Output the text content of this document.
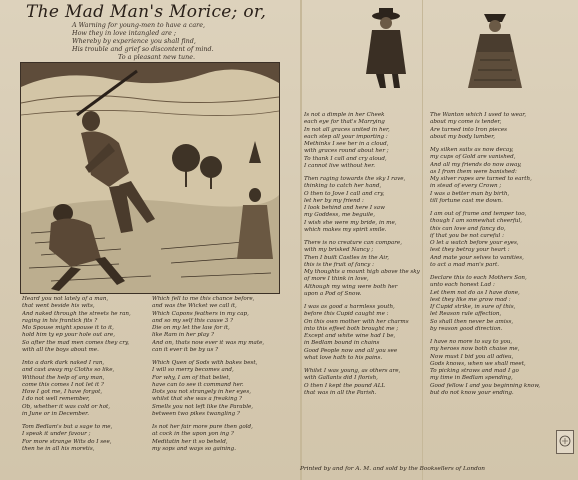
The Mad Man's Morice; or,
A Warning for young-men to have a care,
How they in love intangled are ;
Whereby by experience you shall find,
His trouble and grief so discontent of mind.
To a pleasant new tune.
Heard you not lately of a man,
that went beside his wits,
And naked through the streets he ran,
raging in his frantick fits ?
Mo Spouse might spouse it to it,
hold him ty ep your hole out are,
So after the mad men comes they cry,
with all the boys about me.
Into a dark dark naked I ran,
and cast away my Cloths so like,
Without the help of any man,
come this comes I not let it ?
How I got me, I have forgot,
I do not well remember,
Ob, whether it was cold or hot,
in June or in December.
Tom Bedlam's but a sage to me,
I speak it under favour ;
For more strange Wits do I see,
then he in all his moretis,
Which fell to me this chance before,
and was the Wicket we call it,
Which Capons feathers in my cap,
and so my self this cause 3 ?
Die on my let the law for it,
like Ram in her play ?
And on, thats now ever it was my mate,
can it ever it be by us ?
Which Quen of Sods with bakes best,
I will so merry becomes and,
For why, I am of that beliet,
have can to see it command her.
Dots you not strangely in her eyes,
whilst that she was a freaking ?
Smells you not left like the Parable,
between two pikes twangling ?
Is not her fair more pure then gold,
at cock in the upon yon ing ?
Meditatin her it so beheld,
my sops and ways so gaining.
Is not a dimple in her Cheek
each eye for that's Marrying
In not all graces united in her,
each step all your importing :
Methinks I see her in a cloud,
with graces round about her ;
To thank I call and cry aloud,
I cannot live without her.
Then raging towards the sky I rave,
thinking to catch her hand,
O then to Jove I call and cry,
let her by my friend :
I look behind and here I saw
my Goddess, me beguile,
I wish she were my bride, in me,
which makes my spirit smile.
There is no creature can compare,
with my brisked Nancy ;
Then I built Castles in the Air,
this is the fruit of fancy :
My thoughts a mount high above the sky
of more I think in love,
Although my wing were both her
upon a Pod of Snow.
I was as good a harmless youth,
before this Cupid caught me :
On this own mother with her charms
into this effeet both brought me ;
Except and white wine had I be,
in Bedlam bound in chains
Good People now and all you see
what love hath to his pains.
Whilst I was young, as others are,
with Gallants did I florish,
O then I kept the pound ALL
that was in all the Parish.
The Wanton which I used to wear,
about my come is tender,
Are turned into Iron pieces
about my body lumber,
My silken suits as now decay,
my cups of Gold are vanished,
And all my friends do now away,
as I from them were banished:
My silver ropes are turned to earth,
in stead of every Crown ;
I was a better man by birth,
till fortune cast me down.
I am out of frame and temper too,
though I am somewhat cheerful,
this can love and fancy do,
if that you be not careful :
O let a watch before your eyes,
lest they betray your heart :
And mate your selves to vanities,
to act a mad man's part.
Declare this to each Mothers Son,
unto each honest Lad :
Let them not do as I have done,
lest they like me grow mad :
If Cupid strike, in sure of this,
let Reason rule affection,
So shall then never be amiss,
by reason good direction.
I have no more to say to you,
my heroes now both chaise me,
Now must I bid you all adieu,
Gods knows, when we shall meet,
To picking straws and mad I go
my time in Bedlam spending,
Good fellow I and you beginning know,
but do not know your ending.
Printed by and for A. M. and sold by the Booksellers of London
